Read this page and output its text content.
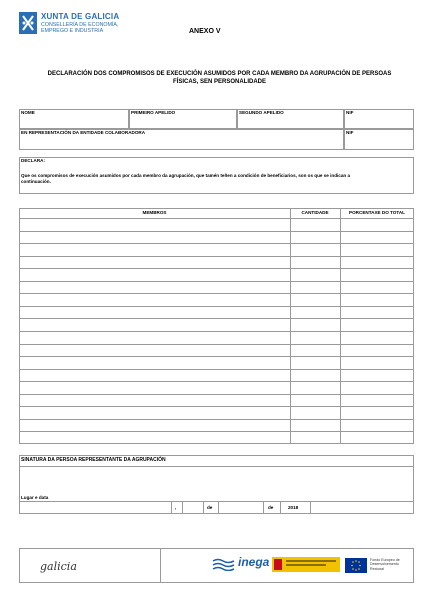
XUNTA DE GALICIA
CONSELLERÍA DE ECONOMÍA,
EMPREGO E INDUSTRIA	ANEXO V
DECLARACIÓN DOS COMPROMISOS DE EXECUCIÓN ASUMIDOS POR CADA MEMBRO DA AGRUPACIÓN DE PERSOAS
FÍSICAS, SEN PERSONALIDADE
NOME	PRIMEIRO APELIDO	SEGUNDO APELIDO	NIF
EN REPRESENTACIÓN DA ENTIDADE COLABORADORA	NIF
DECLARA:
Que os compromisos de execución asumidos por cada membro da agrupación, que tamén teñen a condición de beneficiarios, son os que se indican a
continuación.
MEMBROS	CANTIDADE	PORCENTAXE DO TOTAL
SINATURA DA PERSOA REPRESENTANTE DA AGRUPACIÓN
Lugar e data
,	de	de	2018
galicia	inega	Fondo Europeo de
Desenvolvemento
Rexional
